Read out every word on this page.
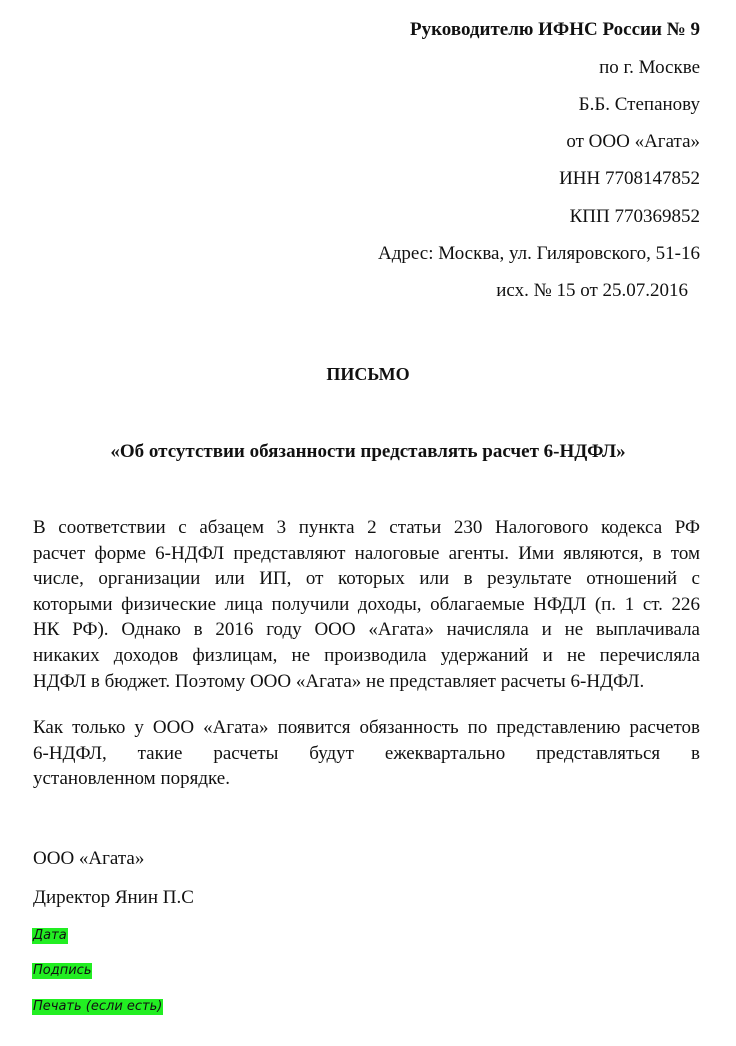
Руководителю ИФНС России № 9
по г. Москве
Б.Б. Степанову
от ООО «Агата»
ИНН 7708147852
КПП 770369852
Адрес: Москва, ул. Гиляровского, 51-16
исх. № 15 от 25.07.2016
ПИСЬМО
«Об отсутствии обязанности представлять расчет 6-НДФЛ»
В соответствии с абзацем 3 пункта 2 статьи 230 Налогового кодекса РФ
расчет форме 6-НДФЛ представляют налоговые агенты. Ими являются, в том
числе, организации или ИП, от которых или в результате отношений с
которыми физические лица получили доходы, облагаемые НФДЛ (п. 1 ст. 226
НК РФ). Однако в 2016 году ООО «Агата» начисляла и не выплачивала
никаких доходов физлицам, не производила удержаний и не перечисляла
НДФЛ в бюджет. Поэтому ООО «Агата» не представляет расчеты 6-НДФЛ.
Как только у ООО «Агата» появится обязанность по представлению расчетов
6-НДФЛ, такие расчеты будут ежеквартально представляться в
установленном порядке.
ООО «Агата»
Директор Янин П.С
Дата
Подпись
Печать (если есть)
